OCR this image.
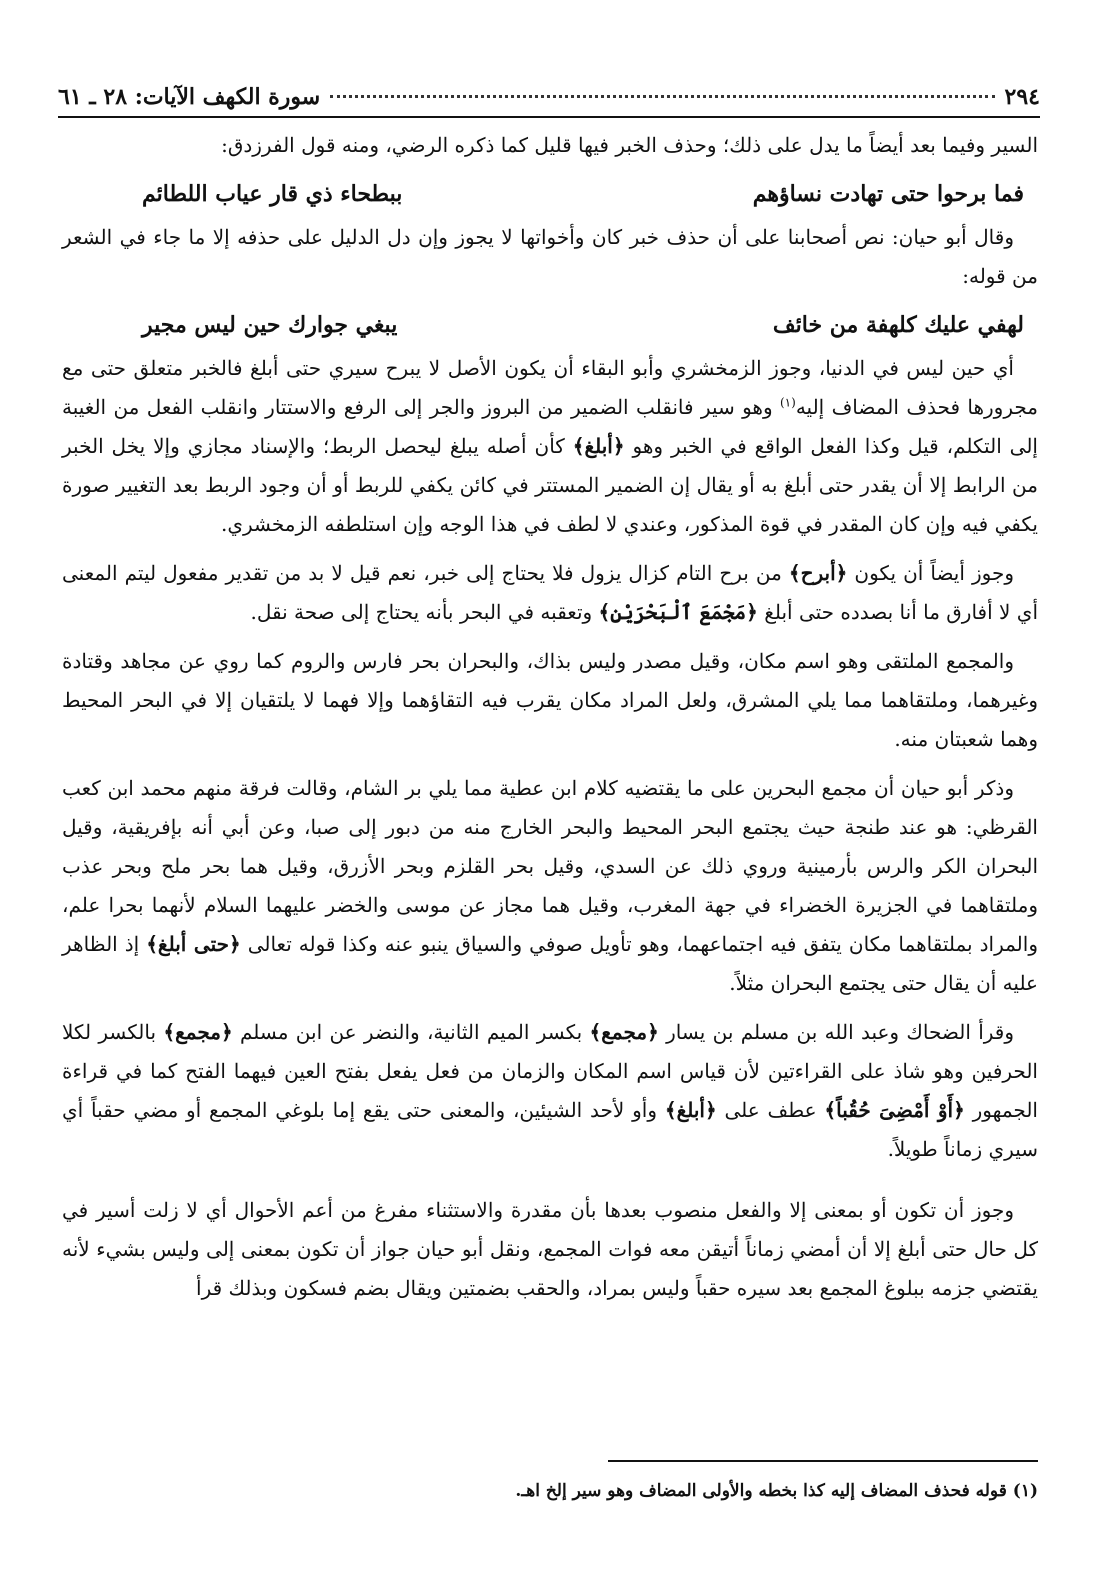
٢٩٤
سورة الكهف الآيات: ٢٨ ـ ٦١

السير وفيما بعد أيضاً ما يدل على ذلك؛ وحذف الخبر فيها قليل كما ذكره الرضي، ومنه قول الفرزدق:

فما برحوا حتى تهادت نساؤهم
ببطحاء ذي قار عياب اللطائم

وقال أبو حيان: نص أصحابنا على أن حذف خبر كان وأخواتها لا يجوز وإن دل الدليل على حذفه إلا ما جاء في الشعر من قوله:

لهفي عليك كلهفة من خائف
يبغي جوارك حين ليس مجير

أي حين ليس في الدنيا، وجوز الزمخشري وأبو البقاء أن يكون الأصل لا يبرح سيري حتى أبلغ فالخبر متعلق حتى مع مجرورها فحذف المضاف إليه$^{(١)}$ وهو سير فانقلب الضمير من البروز والجر إلى الرفع والاستتار وانقلب الفعل من الغيبة إلى التكلم، قيل وكذا الفعل الواقع في الخبر وهو ﴿أبلغ﴾ كأن أصله يبلغ ليحصل الربط؛ والإسناد مجازي وإلا يخل الخبر من الرابط إلا أن يقدر حتى أبلغ به أو يقال إن الضمير المستتر في كائن يكفي للربط أو أن وجود الربط بعد التغيير صورة يكفي فيه وإن كان المقدر في قوة المذكور، وعندي لا لطف في هذا الوجه وإن استلطفه الزمخشري.

وجوز أيضاً أن يكون ﴿أبرح﴾ من برح التام كزال يزول فلا يحتاج إلى خبر، نعم قيل لا بد من تقدير مفعول ليتم المعنى أي لا أفارق ما أنا بصدده حتى أبلغ ﴿مَجْمَعَ ٱلْبَحْرَيْنِ﴾ وتعقبه في البحر بأنه يحتاج إلى صحة نقل.

والمجمع الملتقى وهو اسم مكان، وقيل مصدر وليس بذاك، والبحران بحر فارس والروم كما روي عن مجاهد وقتادة وغيرهما، وملتقاهما مما يلي المشرق، ولعل المراد مكان يقرب فيه التقاؤهما وإلا فهما لا يلتقيان إلا في البحر المحيط وهما شعبتان منه.

وذكر أبو حيان أن مجمع البحرين على ما يقتضيه كلام ابن عطية مما يلي بر الشام، وقالت فرقة منهم محمد ابن كعب القرظي: هو عند طنجة حيث يجتمع البحر المحيط والبحر الخارج منه من دبور إلى صبا، وعن أبي أنه بإفريقية، وقيل البحران الكر والرس بأرمينية وروي ذلك عن السدي، وقيل بحر القلزم وبحر الأزرق، وقيل هما بحر ملح وبحر عذب وملتقاهما في الجزيرة الخضراء في جهة المغرب، وقيل هما مجاز عن موسى والخضر عليهما السلام لأنهما بحرا علم، والمراد بملتقاهما مكان يتفق فيه اجتماعهما، وهو تأويل صوفي والسياق ينبو عنه وكذا قوله تعالى ﴿حتى أبلغ﴾ إذ الظاهر عليه أن يقال حتى يجتمع البحران مثلاً.

وقرأ الضحاك وعبد الله بن مسلم بن يسار ﴿مجمع﴾ بكسر الميم الثانية، والنضر عن ابن مسلم ﴿مجمع﴾ بالكسر لكلا الحرفين وهو شاذ على القراءتين لأن قياس اسم المكان والزمان من فعل يفعل بفتح العين فيهما الفتح كما في قراءة الجمهور ﴿أَوْ أَمْضِىَ حُقُباً﴾ عطف على ﴿أبلغ﴾ وأو لأحد الشيئين، والمعنى حتى يقع إما بلوغي المجمع أو مضي حقباً أي سيري زماناً طويلاً.

وجوز أن تكون أو بمعنى إلا والفعل منصوب بعدها بأن مقدرة والاستثناء مفرغ من أعم الأحوال أي لا زلت أسير في كل حال حتى أبلغ إلا أن أمضي زماناً أتيقن معه فوات المجمع، ونقل أبو حيان جواز أن تكون بمعنى إلى وليس بشيء لأنه يقتضي جزمه ببلوغ المجمع بعد سيره حقباً وليس بمراد، والحقب بضمتين ويقال بضم فسكون وبذلك قرأ

(١) قوله فحذف المضاف إليه كذا بخطه والأولى المضاف وهو سير إلخ اهـ.
